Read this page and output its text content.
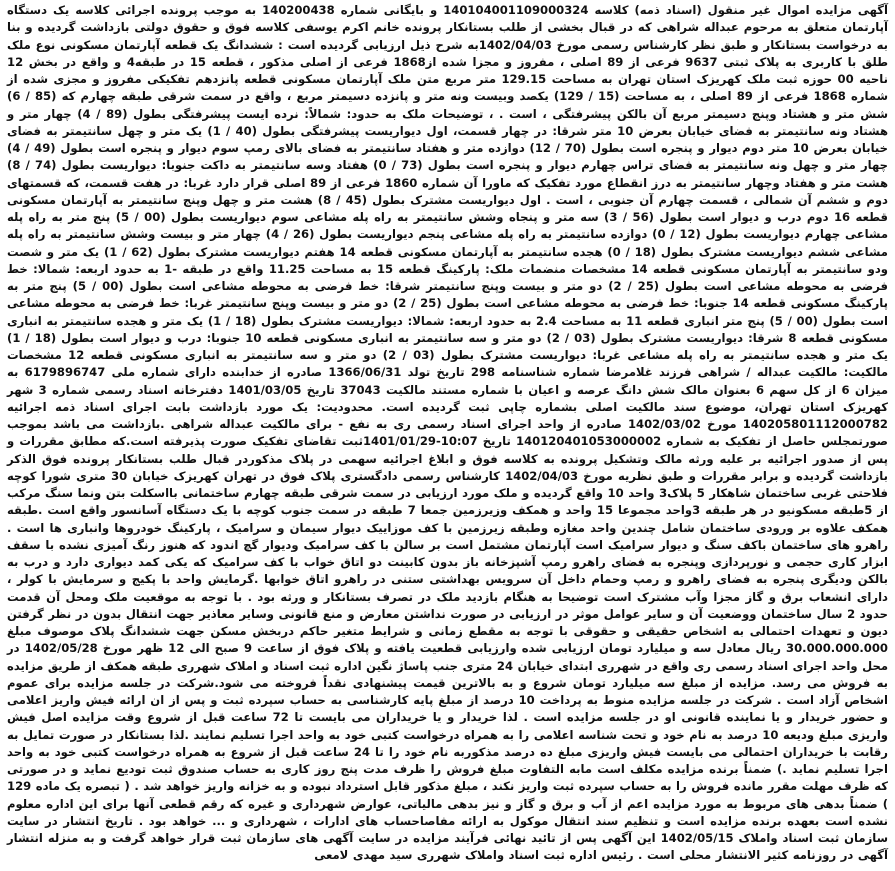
آگهی مزایده اموال غیر منقول (اسناد ذمه) کلاسه 140104001109000324 و بایگانی شماره 140200438 به موجب پرونده اجرائی کلاسه یک دستگاه آپارتمان متعلق به مرحوم عبداله شراهی که در قبال بخشی از طلب بستانکار پرونده خانم اکرم یوسفی کلاسه فوق و حقوق دولتی بازداشت گردیده و بنا به درخواست بستانکار و طبق نظر کارشناس رسمی مورخ 1402/04/03به شرح ذیل ارزیابی گردیده است : ششدانگ یک قطعه آپارتمان مسکونی نوع ملک طلق با کاربری به پلاک ثبتی 9637 فرعی از 89 اصلی ، مفروز و مجزا شده از1868 فرعی از اصلی مذکور ، قطعه 15 در طبقه4 و واقع در بخش 12 ناحیه 00 حوزه ثبت ملک کهریزک استان تهران به مساحت 129.15 متر مربع متن ملک آپارتمان مسکونی قطعه پانزدهم تفکیکی مفروز و مجزی شده از شماره 1868 فرعی از 89 اصلی ، به مساحت (15 / 129) یکصد وبیست ونه متر و پانزده دسیمتر مربع ، واقع در سمت شرقی طبقه چهارم که (85 / 6) شش متر و هشتاد وپنج دسیمتر مربع آن بالکن پیشرفتگی ، است . ، توضیحات ملک به حدود: شمالاً: نرده ایست پیشرفتگی بطول (89 / 4) چهار متر و هشتاد ونه سانتیمتر به فضای خیابان بعرض 10 متر شرقا: در چهار قسمت، اول دیواریست پیشرفتگی بطول (40 / 1) یک متر و چهل سانتیمتر به فضای خیابان بعرض 10 متر دوم دیوار و پنجره است بطول (70 / 12) دوازده متر و هفتاد سانتیمتر به فضای بالای رمپ سوم دیوار و پنجره است بطول (49 / 4) چهار متر و چهل ونه سانتیمتر به فضای تراس چهارم دیوار و پنجره است بطول (73 / 0) هفتاد وسه سانتیمتر به داکت جنوبا: دیواریست بطول (74 / 8) هشت متر و هفتاد وچهار سانتیمتر به درز انقطاع مورد تفکیک که ماورا آن شماره 1860 فرعی از 89 اصلی قرار دارد غربا: در هفت قسمت، که قسمتهای دوم و ششم آن شمالی ، قسمت چهارم آن جنوبی ، است . اول دیواریست مشترک بطول (45 / 8) هشت متر و چهل وپنج سانتیمتر به آپارتمان مسکونی قطعه 16 دوم درب و دیوار است بطول (56 / 3) سه متر و پنجاه وشش سانتیمتر به راه پله مشاعی سوم دیواریست بطول (00 / 5) پنج متر به راه پله مشاعی چهارم دیواریست بطول (12 / 0) دوازده سانتیمتر به راه پله مشاعی پنجم دیواریست بطول (26 / 4) چهار متر و بیست وشش سانتیمتر به راه پله مشاعی ششم دیواریست مشترک بطول (18 / 0) هجده سانتیمتر به آپارتمان مسکونی قطعه 14 هفتم دیواریست مشترک بطول (62 / 1) یک متر و شصت ودو سانتیمتر به آپارتمان مسکونی قطعه 14 مشخصات منضمات ملک: پارکینگ قطعه 15 به مساحت 11.25 واقع در طبقه -1 به حدود اربعه: شمالا: خط فرضی به محوطه مشاعی است بطول (25 / 2) دو متر و بیست وپنج سانتیمتر شرقا: خط فرضی به محوطه مشاعی است بطول (00 / 5) پنج متر به پارکینگ مسکونی قطعه 14 جنوبا: خط فرضی به محوطه مشاعی است بطول (25 / 2) دو متر و بیست وپنج سانتیمتر غربا: خط فرضی به محوطه مشاعی است بطول (00 / 5) پنج متر انباری قطعه 11 به مساحت 2.4 به حدود اربعه: شمالا: دیواریست مشترک بطول (18 / 1) یک متر و هجده سانتیمتر به انباری مسکونی قطعه 8 شرقا: دیواریست مشترک بطول (03 / 2) دو متر و سه سانتیمتر به انباری مسکونی قطعه 10 جنوبا: درب و دیوار است بطول (18 / 1) یک متر و هجده سانتیمتر به راه پله مشاعی غربا: دیواریست مشترک بطول (03 / 2) دو متر و سه سانتیمتر به انباری مسکونی قطعه 12 مشخصات مالکیت: مالکیت عبداله / شراهی فرزند غلامرضا شماره شناسنامه 298 تاریخ تولد 1366/06/31 صادره از خدابنده دارای شماره ملی 6179896747 به میزان 6 از کل سهم 6 بعنوان مالک شش دانگ عرصه و اعیان با شماره مستند مالکیت 37043 تاریخ 1401/03/05 دفترخانه اسناد رسمی شماره 3 شهر کهریزک استان تهران، موضوع سند مالکیت اصلی بشماره چاپی ثبت گردیده است. محدودیت: یک مورد بازداشت بابت اجرای اسناد ذمه اجرائیه 140205801112000782 مورخ 1402/03/02 صادره از واحد اجرای اسناد رسمی ری به نفع - برای مالکیت عبداله شراهی .بازداشت می باشد بموجب صورتمجلس حاصل از تفکیک به شماره 140120401053000002 تاریخ 10:07-1401/01/29ثبت تقاضای تفکیک صورت پذیرفته است.که مطابق مقررات و پس از صدور اجرائیه بر علیه ورثه مالک وتشکیل پرونده به کلاسه فوق و ابلاغ اجرائیه سهمی در پلاک مذکوردر قبال طلب بستانکار پرونده فوق الذکر بازداشت گردیده و برابر مقررات و طبق نظریه مورخ 1402/04/03 کارشناس رسمی دادگستری پلاک فوق در تهران کهریزک خیابان 30 متری شورا کوچه فلاحتی غربی ساختمان شاهکار 5 پلاک3 واحد 10 واقع گردیده و ملک مورد ارزیابی در سمت شرقی طبقه چهارم ساختمانی بااسکلت بتن ونما سنگ مرکب از 5طبقه مسکونیو در هر طبقه 3واحد مجموعا 15 واحد و همکف وزیرزمین جمعا 7 طبقه در سمت جنوب کوچه با یک دستگاه آسانسور واقع است .طبقه همکف علاوه بر ورودی ساختمان شامل چندین واحد مغازه وطبقه زیرزمین با کف موزاییک دیوار سیمان و سرامیک ، پارکینگ خودروها وانباری ها است . راهرو های ساختمان باکف سنگ و دیوار سرامیک است آپارتمان مشتمل است بر سالن با کف سرامیک ودیوار گچ اندود که هنوز رنگ آمیزی نشده با سقف ابزار کاری حجمی و نورپردازی وپنجره به فضای راهرو رمپ آشپزخانه باز بدون کابینت دو اتاق خواب با کف سرامیک که یکی کمد دیواری دارد و درب به بالکن ودیگری پنجره به فضای راهرو و رمپ وحمام داخل آن سرویس بهداشتی ستنی در راهرو اتاق خوابها .گرمایش واحد با پکیج و سرمایش با کولر ، دارای انشعاب برق و گاز مجزا وآب مشترک است توضیحا به هنگام بازدید ملک در تصرف بستانکار و ورثه بود . با توجه به موقعیت ملک ومحل آن قدمت حدود 2 سال ساختمان ووضعیت آن و سایر عوامل موثر در ارزیابی در صورت نداشتن معارض و منع قانونی وسایر معاذیر جهت انتقال بدون در نظر گرفتن دیون و تعهدات احتمالی به اشخاص حقیقی و حقوقی با توجه به مقطع زمانی و شرایط متغیر حاکم دربخش مسکن جهت ششدانگ پلاک موصوف مبلغ 30.000.000.000 ریال معادل سه و میلیارد تومان ارزیابی شده وارزیابی قطعیت یافته و پلاک فوق از ساعت 9 صبح الی 12 ظهر مورخ 1402/05/28 در محل واحد اجرای اسناد رسمی ری واقع در شهرری ابتدای خیابان 24 متری جنب پاساژ نگین اداره ثبت اسناد و املاک شهرری طبقه همکف از طریق مزایده به فروش می رسد. مزایده از مبلغ سه میلیارد تومان شروع و به بالاترین قیمت پیشنهادی نقداً فروخته می شود.شرکت در جلسه مزایده برای عموم اشخاص آزاد است . شرکت در جلسه مزایده منوط به پرداخت 10 درصد از مبلغ پایه کارشناسی به حساب سپرده ثبت و پس از ان ارائه فیش واریز اعلامی و حضور خریدار و یا نماینده قانونی او در جلسه مزایده است . لذا خریدار و یا خریداران می بایست تا 72 ساعت قبل از شروع وقت مزایده اصل فیش واریزی مبلغ ودیعه 10 درصد به نام خود و تحت شناسه اعلامی را به همراه درخواست کتبی خود به واحد اجرا تسلیم نمایند .لذا بستانکار در صورت تمایل به رقابت با خریداران احتمالی می بایست فیش واریزی مبلغ ده درصد مذکوربه نام خود را تا 24 ساعت قبل از شروع به همراه درخواست کتبی خود به واحد اجرا تسلیم نماید .) ضمناً برنده مزایده مکلف است مابه التفاوت مبلغ فروش را ظرف مدت پنج روز کاری به حساب صندوق ثبت تودیع نماید و در صورتی که ظرف مهلت مقرر مانده فروش را به حساب سپرده ثبت واریز نکند ، مبلغ مذکور قابل استرداد نبوده و به خزانه واریز خواهد شد . ( تبصره یک ماده 129 ) ضمناً بدهی های مربوط به مورد مزایده اعم از آب و برق و گاز و نیز بدهی مالیاتی، عوارض شهرداری و غیره که رقم قطعی آنها برای این اداره معلوم نشده است بعهده برنده مزایده است و تنظیم سند انتقال موکول به ارائه مفاصاحساب های ادارات ، شهرداری و ... خواهد بود . تاریخ انتشار در سایت سازمان ثبت اسناد واملاک 1402/05/15 این آگهی پس از تائید نهائی فرآیند مزایده در سایت آگهی های سازمان ثبت قرار خواهد گرفت و به منزله انتشار آگهی در روزنامه کثیر الانتشار محلی است . رئیس اداره ثبت اسناد واملاک شهرری سید مهدی لامعی
